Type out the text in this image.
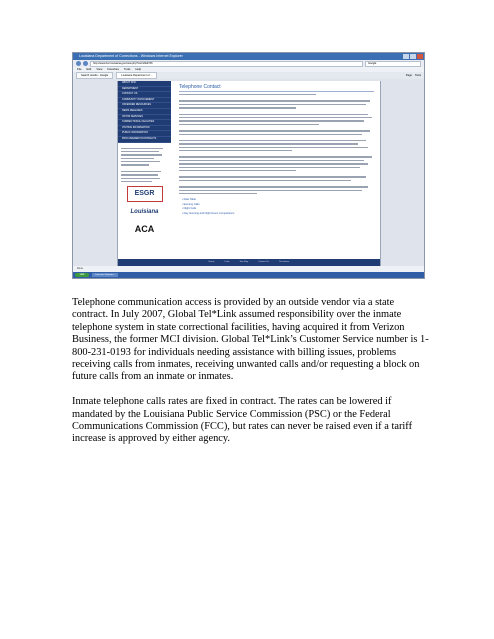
Louisiana Department of Corrections - Windows Internet Explorer
http://www.doc.louisiana.gov/view.php?cat=2&id=56	Google
File Edit View Favorites Tools Help
Search results - Google	Louisiana Department of ...	Page Tools
ABOUT DOC
DEPARTMENT
CONTACT US
COMMUNITY INVOLVEMENT
OFFENDER RESOURCES
NEWS RELEASES
VICTIM SERVICES
CORRECTIONAL FACILITIES
VISITING INFORMATION
PUBLIC INFORMATION
PROCUREMENT/CONTRACTS
ESGR
Louisiana
ACA
Telephone Contact
• Rate Table
• Evening Calls
• Night Calls
• Day, Evening and Night Hours Comparisons
Home	Links	Site Map	Contact Us	Disclaimer
Done
start	Louisiana Departm...

Telephone communication access is provided by an outside vendor via a state contract. In July 2007, Global Tel*Link assumed responsibility over the inmate telephone system in state correctional facilities, having acquired it from Verizon Business, the former MCI division. Global Tel*Link’s Customer Service number is 1-800-231-0193 for individuals needing assistance with billing issues, problems receiving calls from inmates, receiving unwanted calls and/or requesting a block on future calls from an inmate or inmates.

Inmate telephone calls rates are fixed in contract. The rates can be lowered if mandated by the Louisiana Public Service Commission (PSC) or the Federal Communications Commission (FCC), but rates can never be raised even if a tariff increase is approved by either agency.
